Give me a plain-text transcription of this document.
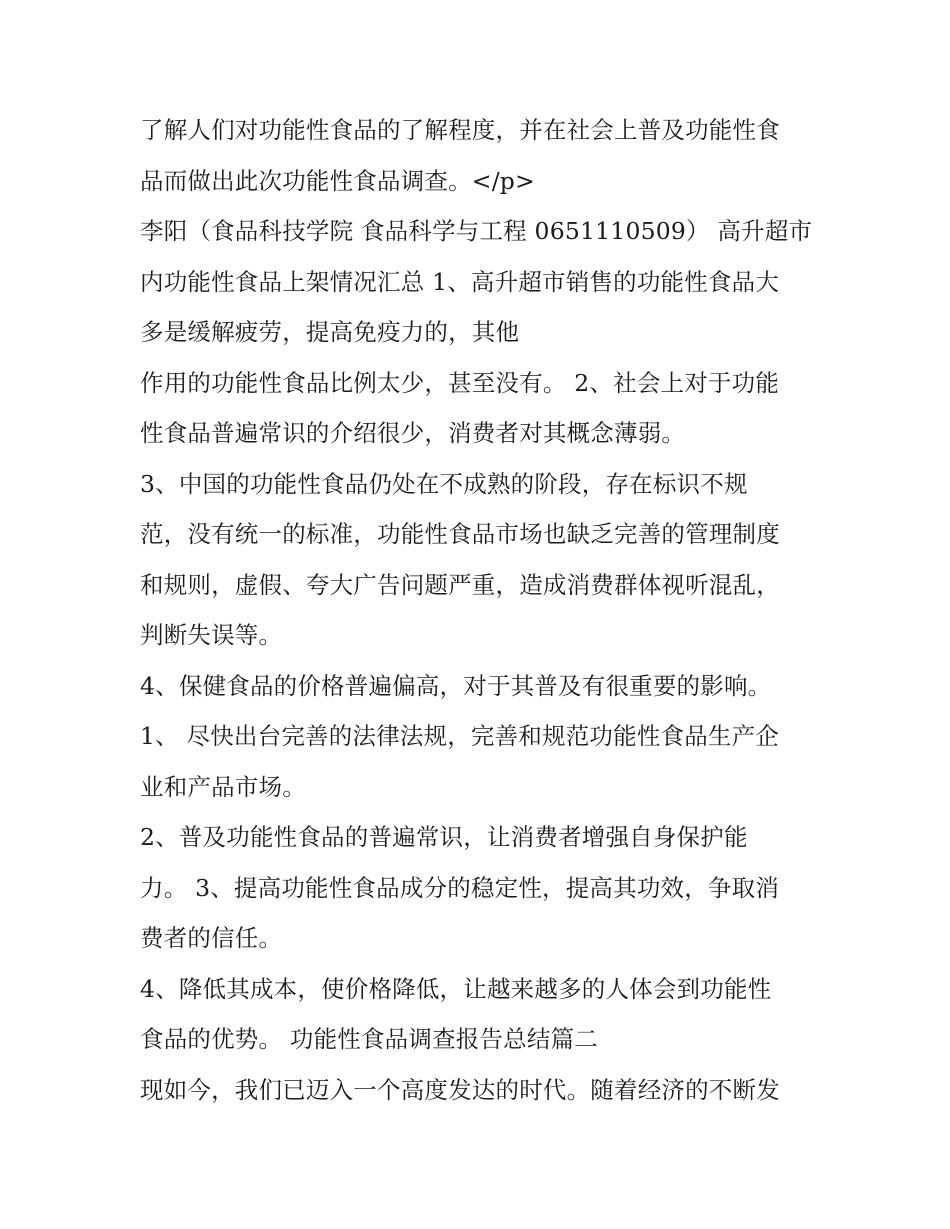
了解人们对功能性食品的了解程度，并在社会上普及功能性食
品而做出此次功能性食品调查。</p>
李阳（食品科技学院 食品科学与工程 0651110509） 高升超市
内功能性食品上架情况汇总 1、高升超市销售的功能性食品大
多是缓解疲劳，提高免疫力的，其他
作用的功能性食品比例太少，甚至没有。 2、社会上对于功能
性食品普遍常识的介绍很少，消费者对其概念薄弱。
3、中国的功能性食品仍处在不成熟的阶段，存在标识不规
范，没有统一的标准，功能性食品市场也缺乏完善的管理制度
和规则，虚假、夸大广告问题严重，造成消费群体视听混乱，
判断失误等。
4、保健食品的价格普遍偏高，对于其普及有很重要的影响。
1、 尽快出台完善的法律法规，完善和规范功能性食品生产企
业和产品市场。
2、普及功能性食品的普遍常识，让消费者增强自身保护能
力。 3、提高功能性食品成分的稳定性，提高其功效，争取消
费者的信任。
4、降低其成本，使价格降低，让越来越多的人体会到功能性
食品的优势。 功能性食品调查报告总结篇二
现如今，我们已迈入一个高度发达的时代。随着经济的不断发
